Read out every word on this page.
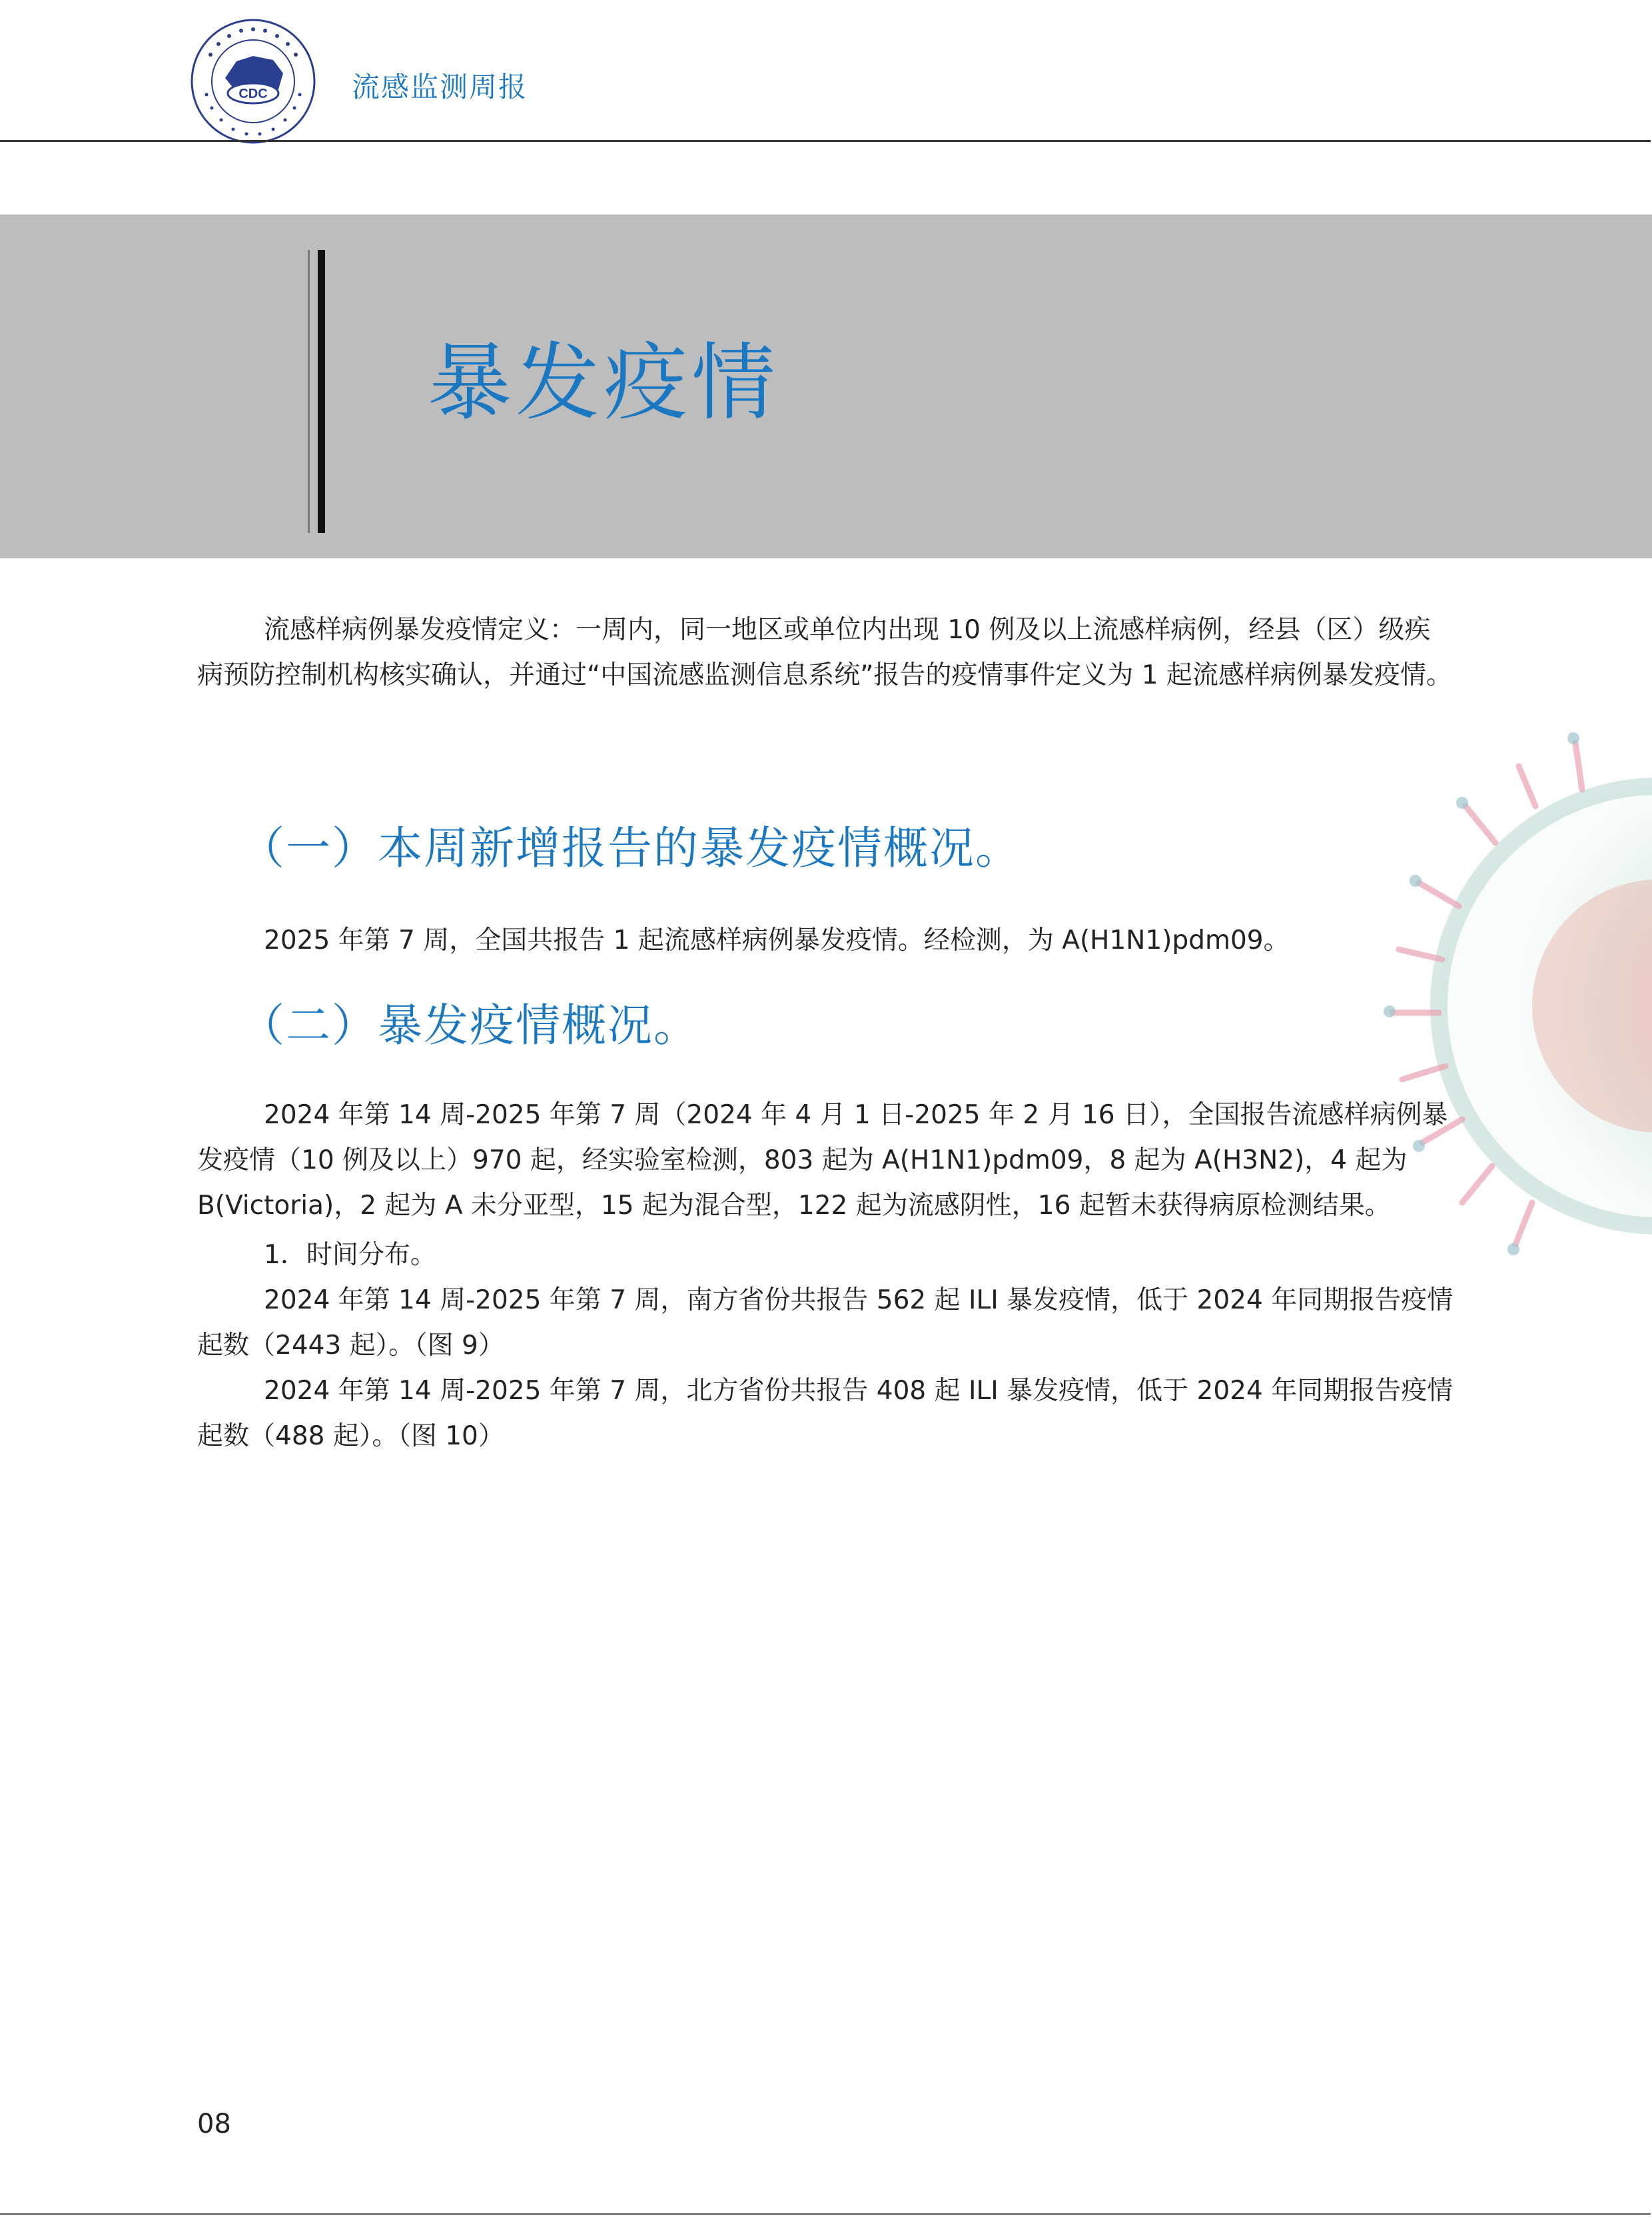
CDC	流感监测周报
暴发疫情

流感样病例暴发疫情定义：一周内，同一地区或单位内出现 10 例及以上流感样病例，经县（区）级疾病预防控制机构核实确认，并通过“中国流感监测信息系统”报告的疫情事件定义为 1 起流感样病例暴发疫情。

（一）本周新增报告的暴发疫情概况。

2025 年第 7 周，全国共报告 1 起流感样病例暴发疫情。经检测，为 A(H1N1)pdm09。

（二）暴发疫情概况。

2024 年第 14 周-2025 年第 7 周（2024 年 4 月 1 日-2025 年 2 月 16 日），全国报告流感样病例暴发疫情（10 例及以上）970 起，经实验室检测，803 起为 A(H1N1)pdm09，8 起为 A(H3N2)，4 起为 B(Victoria)，2 起为 A 未分亚型，15 起为混合型，122 起为流感阴性，16 起暂未获得病原检测结果。

1．时间分布。

2024 年第 14 周-2025 年第 7 周，南方省份共报告 562 起 ILI 暴发疫情，低于 2024 年同期报告疫情起数（2443 起）。（图 9）

2024 年第 14 周-2025 年第 7 周，北方省份共报告 408 起 ILI 暴发疫情，低于 2024 年同期报告疫情起数（488 起）。（图 10）

08
